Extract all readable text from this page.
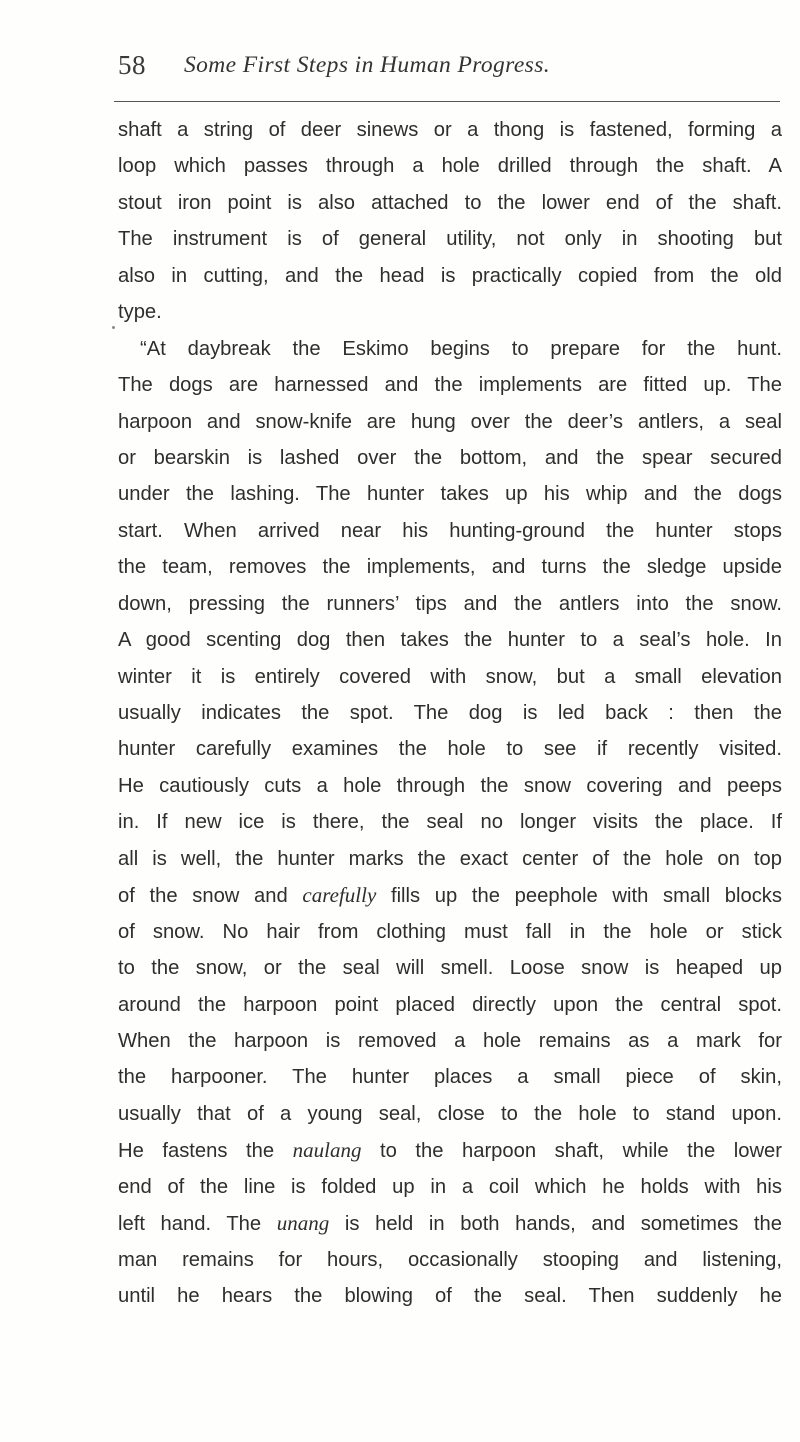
58 Some First Steps in Human Progress.
shaft a string of deer sinews or a thong is fastened, forming a
loop which passes through a hole drilled through the shaft. A
stout iron point is also attached to the lower end of the shaft.
The instrument is of general utility, not only in shooting but
also in cutting, and the head is practically copied from the old
type.
“At daybreak the Eskimo begins to prepare for the hunt.
The dogs are harnessed and the implements are fitted up. The
harpoon and snow-knife are hung over the deer’s antlers, a seal
or bearskin is lashed over the bottom, and the spear secured
under the lashing. The hunter takes up his whip and the dogs
start. When arrived near his hunting-ground the hunter stops
the team, removes the implements, and turns the sledge upside
down, pressing the runners’ tips and the antlers into the snow.
A good scenting dog then takes the hunter to a seal’s hole. In
winter it is entirely covered with snow, but a small elevation
usually indicates the spot. The dog is led back : then the
hunter carefully examines the hole to see if recently visited.
He cautiously cuts a hole through the snow covering and peeps
in. If new ice is there, the seal no longer visits the place. If
all is well, the hunter marks the exact center of the hole on top
of the snow and carefully fills up the peephole with small blocks
of snow. No hair from clothing must fall in the hole or stick
to the snow, or the seal will smell. Loose snow is heaped up
around the harpoon point placed directly upon the central spot.
When the harpoon is removed a hole remains as a mark for
the harpooner. The hunter places a small piece of skin,
usually that of a young seal, close to the hole to stand upon.
He fastens the naulang to the harpoon shaft, while the lower
end of the line is folded up in a coil which he holds with his
left hand. The unang is held in both hands, and sometimes the
man remains for hours, occasionally stooping and listening,
until he hears the blowing of the seal. Then suddenly he
